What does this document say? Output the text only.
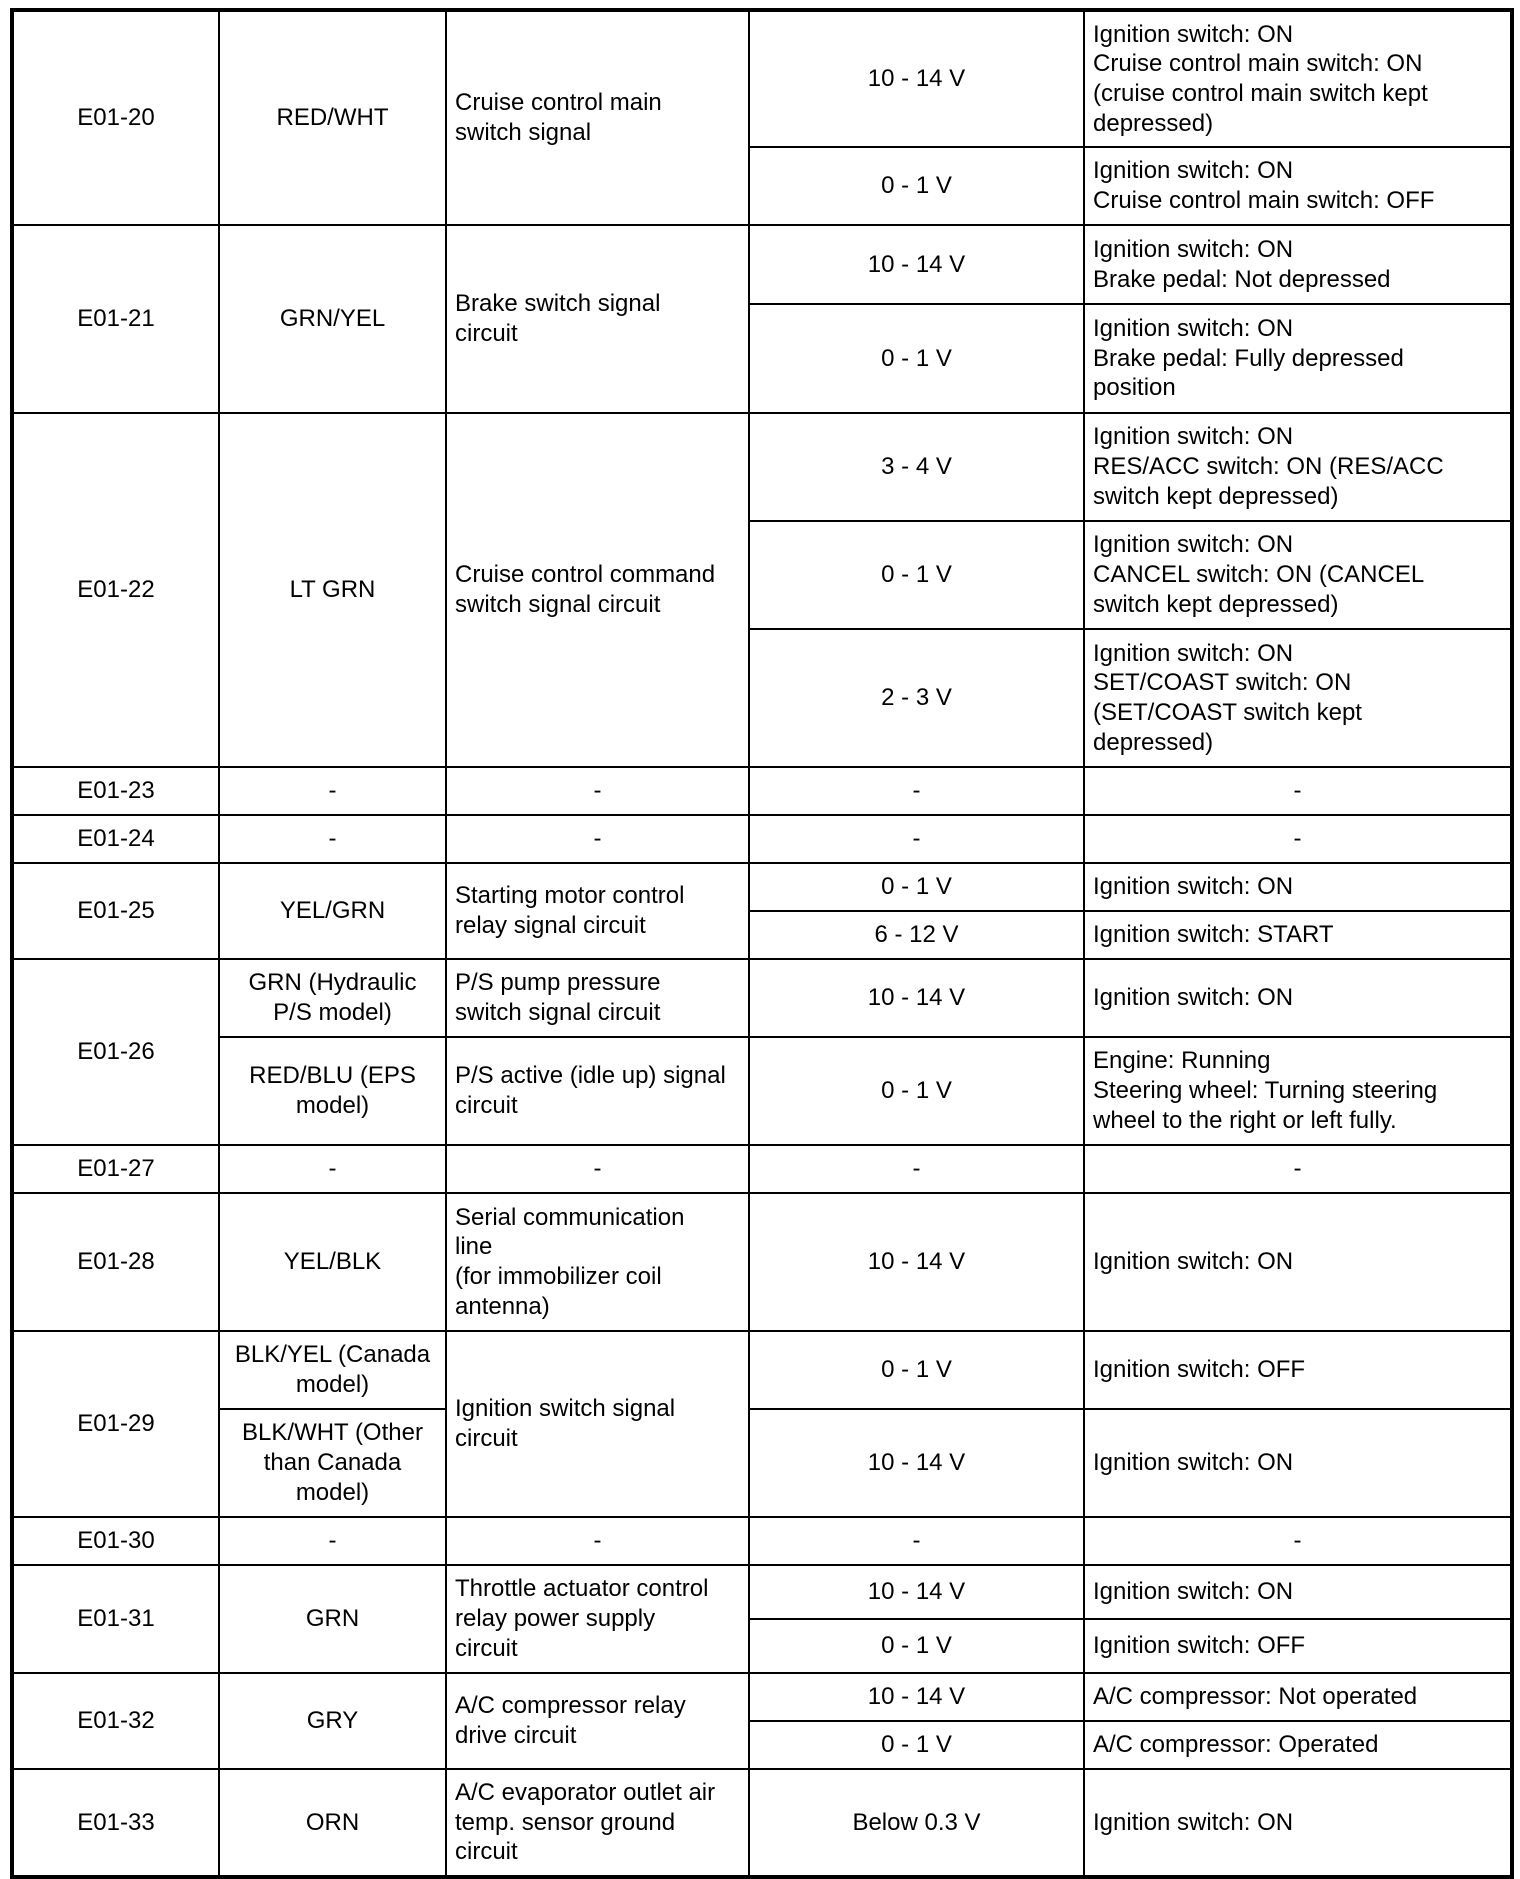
E01-20	RED/WHT	Cruise control main
switch signal	10 - 14 V	Ignition switch: ON
Cruise control main switch: ON
(cruise control main switch kept
depressed)
			0 - 1 V	Ignition switch: ON
Cruise control main switch: OFF
E01-21	GRN/YEL	Brake switch signal
circuit	10 - 14 V	Ignition switch: ON
Brake pedal: Not depressed
			0 - 1 V	Ignition switch: ON
Brake pedal: Fully depressed
position
E01-22	LT GRN	Cruise control command
switch signal circuit	3 - 4 V	Ignition switch: ON
RES/ACC switch: ON (RES/ACC
switch kept depressed)
			0 - 1 V	Ignition switch: ON
CANCEL switch: ON (CANCEL
switch kept depressed)
			2 - 3 V	Ignition switch: ON
SET/COAST switch: ON
(SET/COAST switch kept
depressed)
E01-23	-	-	-	-
E01-24	-	-	-	-
E01-25	YEL/GRN	Starting motor control
relay signal circuit	0 - 1 V	Ignition switch: ON
			6 - 12 V	Ignition switch: START
E01-26	GRN (Hydraulic
P/S model)	P/S pump pressure
switch signal circuit	10 - 14 V	Ignition switch: ON
	RED/BLU (EPS
model)	P/S active (idle up) signal
circuit	0 - 1 V	Engine: Running
Steering wheel: Turning steering
wheel to the right or left fully.
E01-27	-	-	-	-
E01-28	YEL/BLK	Serial communication
line
(for immobilizer coil
antenna)	10 - 14 V	Ignition switch: ON
E01-29	BLK/YEL (Canada
model)	Ignition switch signal
circuit	0 - 1 V	Ignition switch: OFF
	BLK/WHT (Other
than Canada
model)		10 - 14 V	Ignition switch: ON
E01-30	-	-	-	-
E01-31	GRN	Throttle actuator control
relay power supply
circuit	10 - 14 V	Ignition switch: ON
			0 - 1 V	Ignition switch: OFF
E01-32	GRY	A/C compressor relay
drive circuit	10 - 14 V	A/C compressor: Not operated
			0 - 1 V	A/C compressor: Operated
E01-33	ORN	A/C evaporator outlet air
temp. sensor ground
circuit	Below 0.3 V	Ignition switch: ON
